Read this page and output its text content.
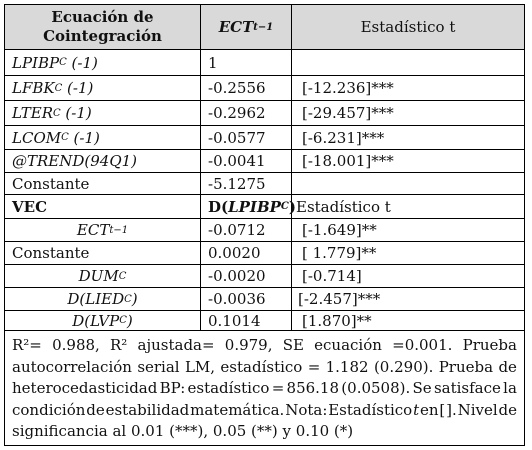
Ecuación de
Cointegración	ECT t−1	Estadístico t
LPIBP C (-1)	1
LFBK C (-1)	-0.2556	[-12.236]***
LTER C (-1)	-0.2962	[-29.457]***
LCOM C (-1)	-0.0577	[-6.231]***
@TREND(94Q1)	-0.0041	[-18.001]***
Constante	-5.1275
VEC	D( LPIBP C ) Estadístico t
ECT t−1	-0.0712	[-1.649]**
Constante	0.0020	[ 1.779]**
DUM C	-0.0020	[-0.714]
D(LIED C )	-0.0036	[-2.457]***
D(LVP C )	0.1014	[1.870]**
R²= 0.988, R² ajustada= 0.979, SE ecuación =0.001. Prueba
autocorrelación serial LM, estadístico = 1.182 (0.290). Prueba de
heterocedasticidad BP: estadístico = 856.18 (0.0508). Se satisface la
condición de estabilidad matemática. Nota: Estadístico t en [ ]. Nivel de
significancia al 0.01 (***), 0.05 (**) y 0.10 (*)
